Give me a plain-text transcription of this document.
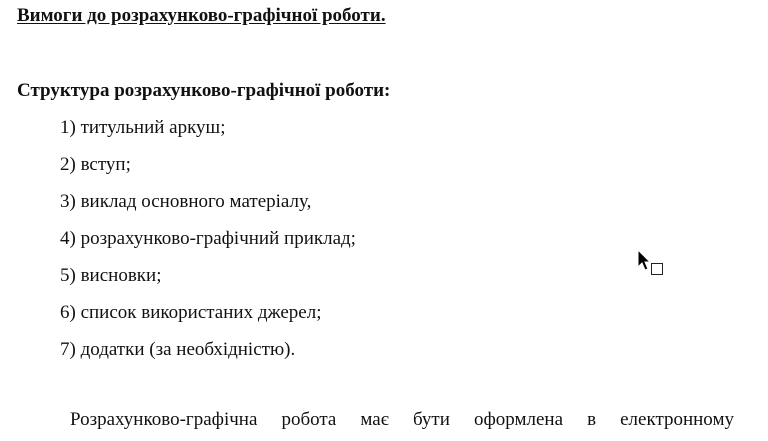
Вимоги до розрахунково-графічної роботи.
Структура розрахунково-графічної роботи:
1) титульний аркуш;
2) вступ;
3) виклад основного матеріалу,
4) розрахунково-графічний приклад;
5) висновки;
6) список використаних джерел;
7) додатки (за необхідністю).
Розрахунково-графічна робота має бути оформлена в електронному
